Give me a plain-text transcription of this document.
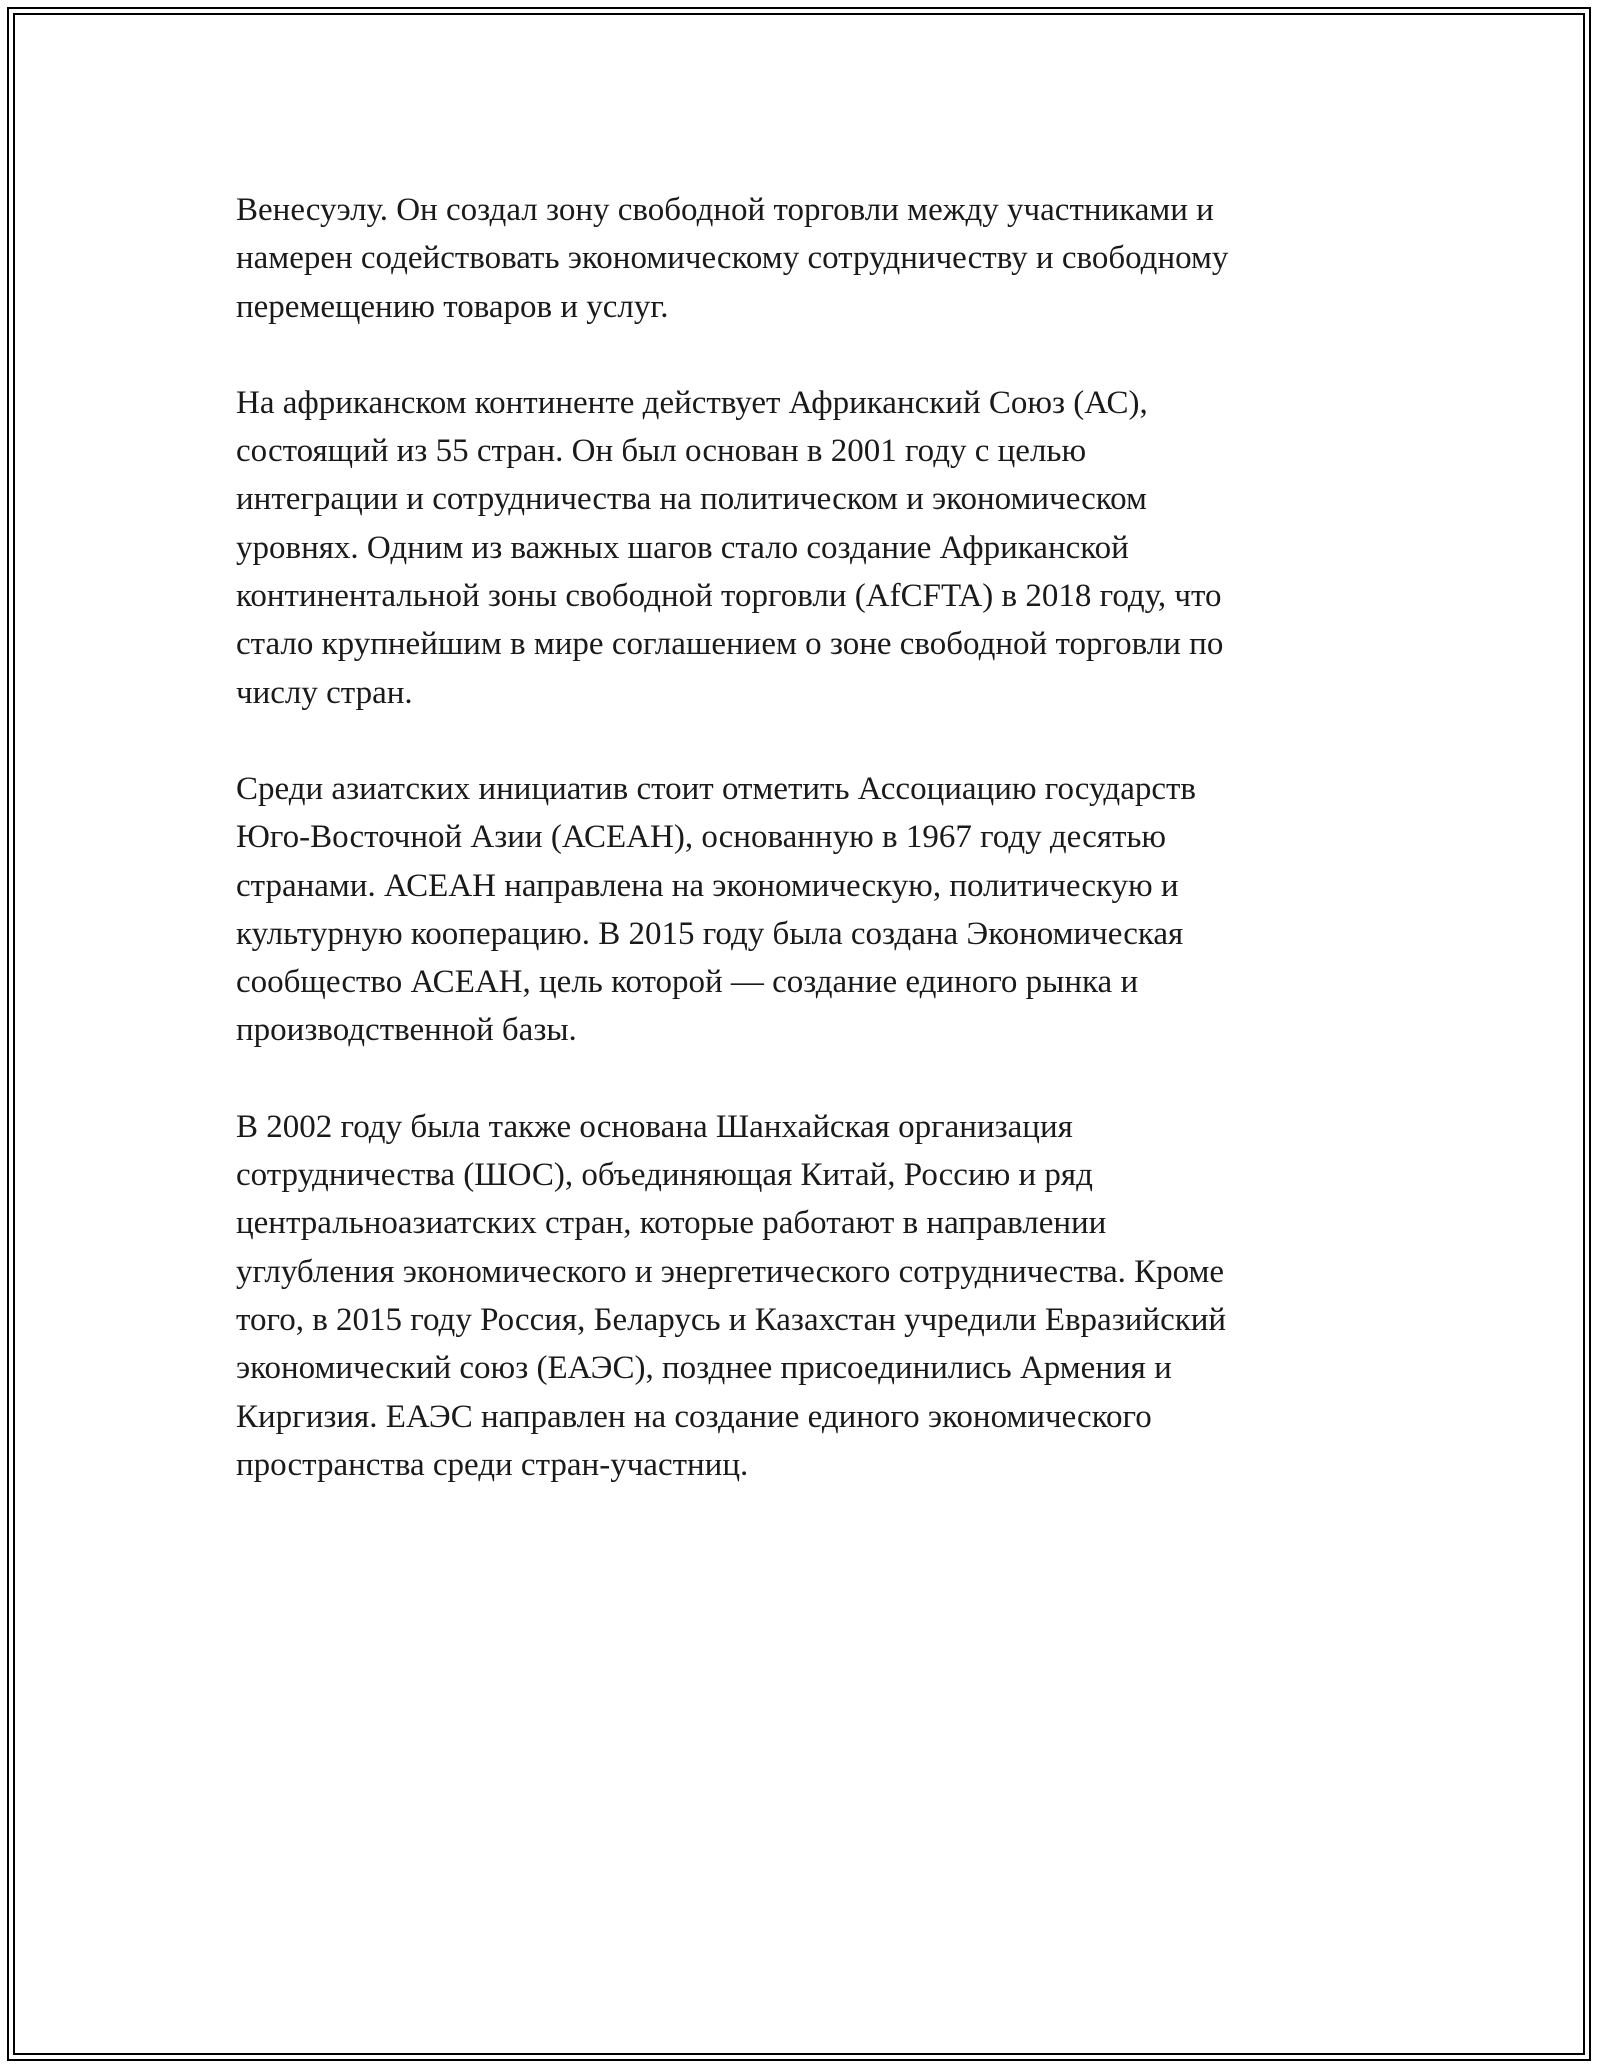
Венесуэлу. Он создал зону свободной торговли между участниками и
намерен содействовать экономическому сотрудничеству и свободному
перемещению товаров и услуг.

На африканском континенте действует Африканский Союз (АС),
состоящий из 55 стран. Он был основан в 2001 году с целью
интеграции и сотрудничества на политическом и экономическом
уровнях. Одним из важных шагов стало создание Африканской
континентальной зоны свободной торговли (AfCFTA) в 2018 году, что
стало крупнейшим в мире соглашением о зоне свободной торговли по
числу стран.

Среди азиатских инициатив стоит отметить Ассоциацию государств
Юго-Восточной Азии (АСЕАН), основанную в 1967 году десятью
странами. АСЕАН направлена на экономическую, политическую и
культурную кооперацию. В 2015 году была создана Экономическая
сообщество АСЕАН, цель которой — создание единого рынка и
производственной базы.

В 2002 году была также основана Шанхайская организация
сотрудничества (ШОС), объединяющая Китай, Россию и ряд
центральноазиатских стран, которые работают в направлении
углубления экономического и энергетического сотрудничества. Кроме
того, в 2015 году Россия, Беларусь и Казахстан учредили Евразийский
экономический союз (ЕАЭС), позднее присоединились Армения и
Киргизия. ЕАЭС направлен на создание единого экономического
пространства среди стран-участниц.
